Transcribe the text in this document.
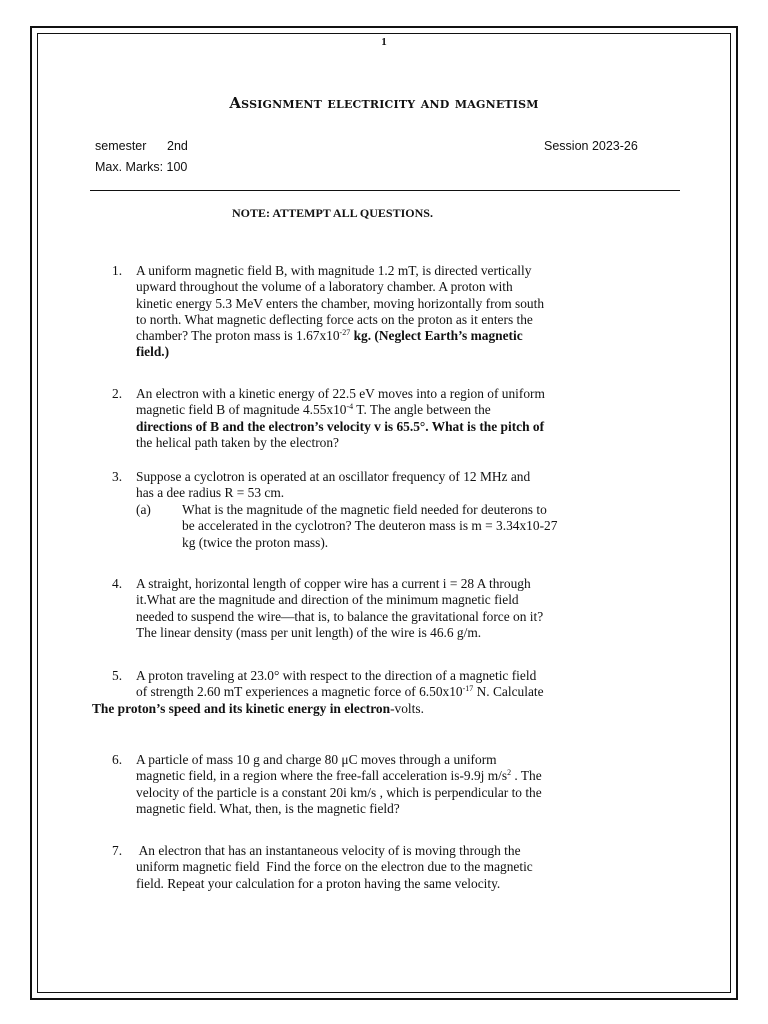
1
Assignment electricity and magnetism
semester 2nd	Session 2023-26
Max. Marks: 100
NOTE: ATTEMPT ALL QUESTIONS.
1. A uniform magnetic field B, with magnitude 1.2 mT, is directed vertically
upward throughout the volume of a laboratory chamber. A proton with
kinetic energy 5.3 MeV enters the chamber, moving horizontally from south
to north. What magnetic deflecting force acts on the proton as it enters the
chamber? The proton mass is $1.67x10^{-27}$ kg. (Neglect Earth’s magnetic
field.)
2. An electron with a kinetic energy of 22.5 eV moves into a region of uniform
magnetic field B of magnitude $4.55x10^{-4}$ T. The angle between the
directions of B and the electron’s velocity v is 65.5°. What is the pitch of
the helical path taken by the electron?
3. Suppose a cyclotron is operated at an oscillator frequency of 12 MHz and
has a dee radius R = 53 cm.
(a) What is the magnitude of the magnetic field needed for deuterons to
be accelerated in the cyclotron? The deuteron mass is m = 3.34x10-27
kg (twice the proton mass).
4. A straight, horizontal length of copper wire has a current i = 28 A through
it.What are the magnitude and direction of the minimum magnetic field
needed to suspend the wire—that is, to balance the gravitational force on it?
The linear density (mass per unit length) of the wire is 46.6 g/m.
5. A proton traveling at 23.0° with respect to the direction of a magnetic field
of strength 2.60 mT experiences a magnetic force of $6.50x10^{-17}$ N. Calculate
The proton’s speed and its kinetic energy in electron-volts.
6. A particle of mass 10 g and charge 80 μC moves through a uniform
magnetic field, in a region where the free-fall acceleration is-9.9j $m/s^2$ . The
velocity of the particle is a constant 20i km/s , which is perpendicular to the
magnetic field. What, then, is the magnetic field?
7. An electron that has an instantaneous velocity of is moving through the
uniform magnetic field  Find the force on the electron due to the magnetic
field. Repeat your calculation for a proton having the same velocity.
